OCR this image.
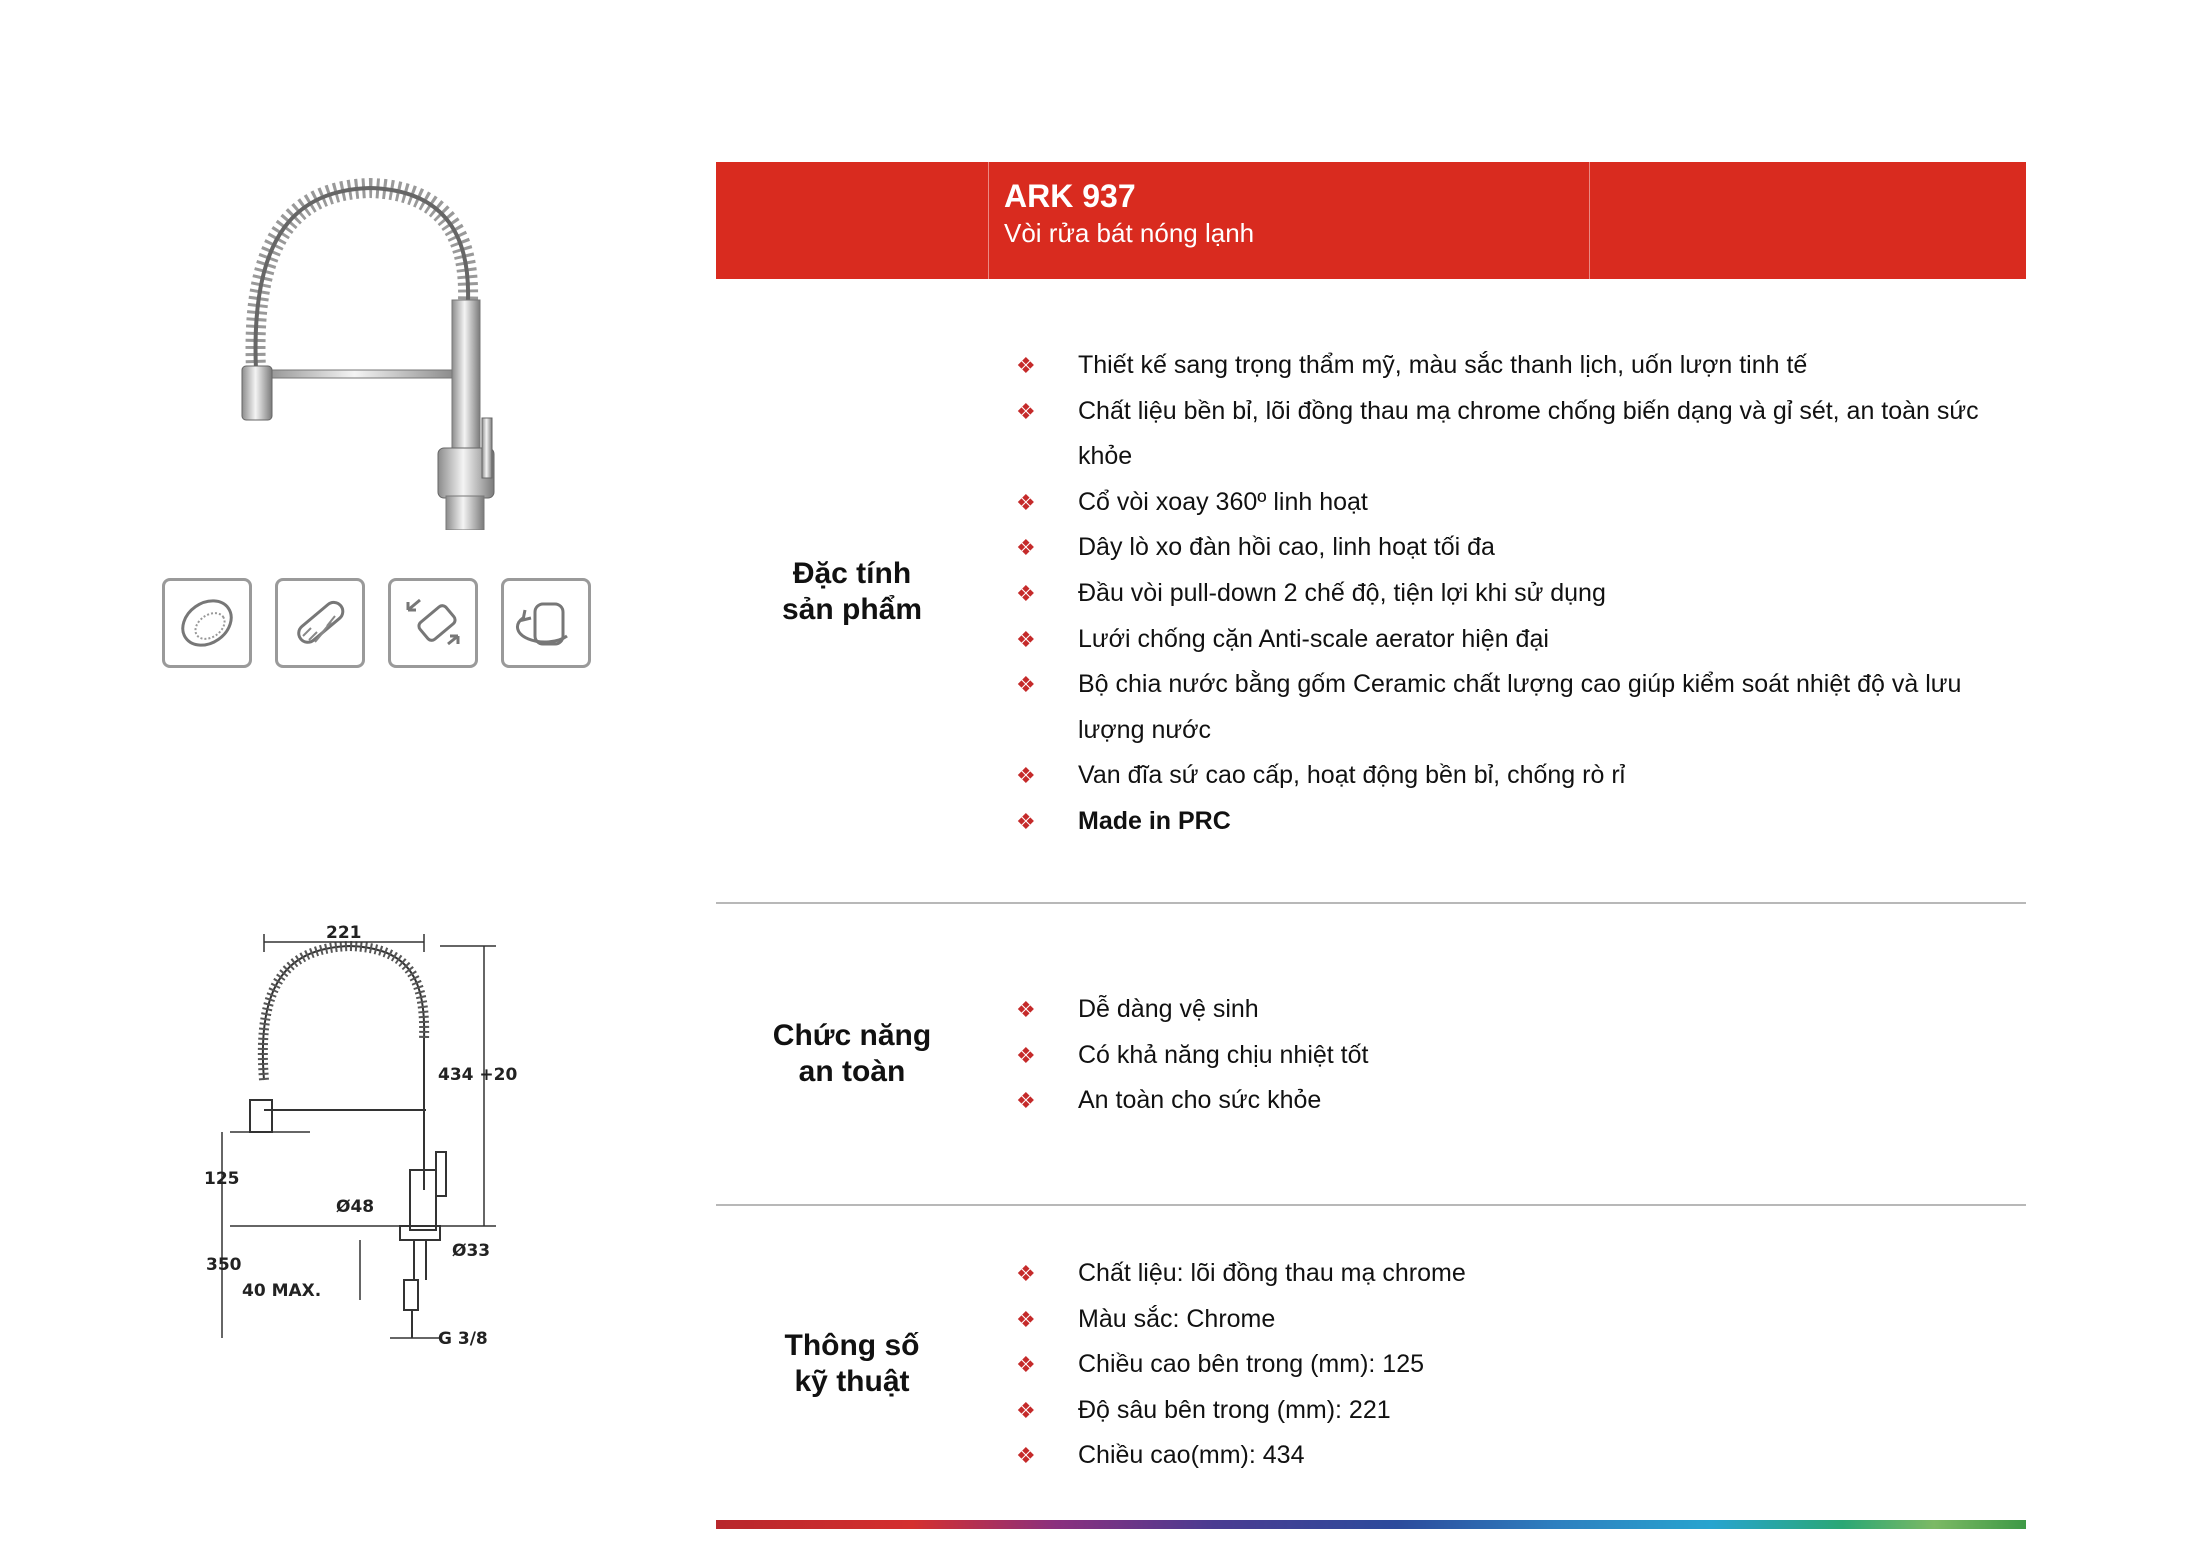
221
434 +20
125
Ø48
Ø33
350
40 MAX.
G 3/8
ARK 937
Vòi rửa bát nóng lạnh
Đặc tính
sản phẩm
❖ Thiết kế sang trọng thẩm mỹ, màu sắc thanh lịch, uốn lượn tinh tế
❖ Chất liệu bền bỉ, lõi đồng thau mạ chrome chống biến dạng và gỉ sét, an toàn sức khỏe
❖ Cổ vòi xoay 360º linh hoạt
❖ Dây lò xo đàn hồi cao, linh hoạt tối đa
❖ Đầu vòi pull-down 2 chế độ, tiện lợi khi sử dụng
❖ Lưới chống cặn Anti-scale aerator hiện đại
❖ Bộ chia nước bằng gốm Ceramic chất lượng cao giúp kiểm soát nhiệt độ và lưu lượng nước
❖ Van đĩa sứ cao cấp, hoạt động bền bỉ, chống rò rỉ
❖ Made in PRC
Chức năng
an toàn
❖ Dễ dàng vệ sinh
❖ Có khả năng chịu nhiệt tốt
❖ An toàn cho sức khỏe
Thông số
kỹ thuật
❖ Chất liệu: lõi đồng thau mạ chrome
❖ Màu sắc: Chrome
❖ Chiều cao bên trong (mm): 125
❖ Độ sâu bên trong (mm): 221
❖ Chiều cao(mm): 434
